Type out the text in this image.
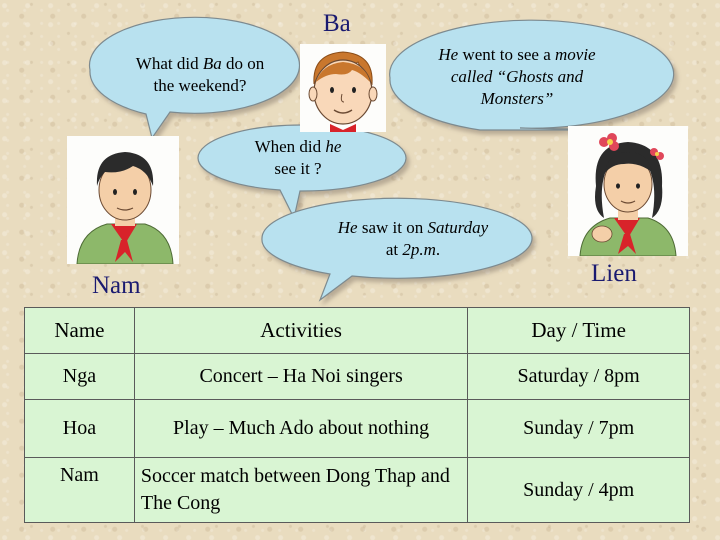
What did Ba do on
the weekend?
He went to see a movie
called “Ghosts and
Monsters”
When did he
see it ?
He saw it on Saturday
at 2p.m.
Ba
Nam	Lien
Name	Activities	Day / Time
Nga	Concert – Ha Noi singers	Saturday / 8pm
Hoa	Play – Much Ado about nothing	Sunday / 7pm
Nam	Soccer match between Dong Thap and The Cong	Sunday / 4pm
